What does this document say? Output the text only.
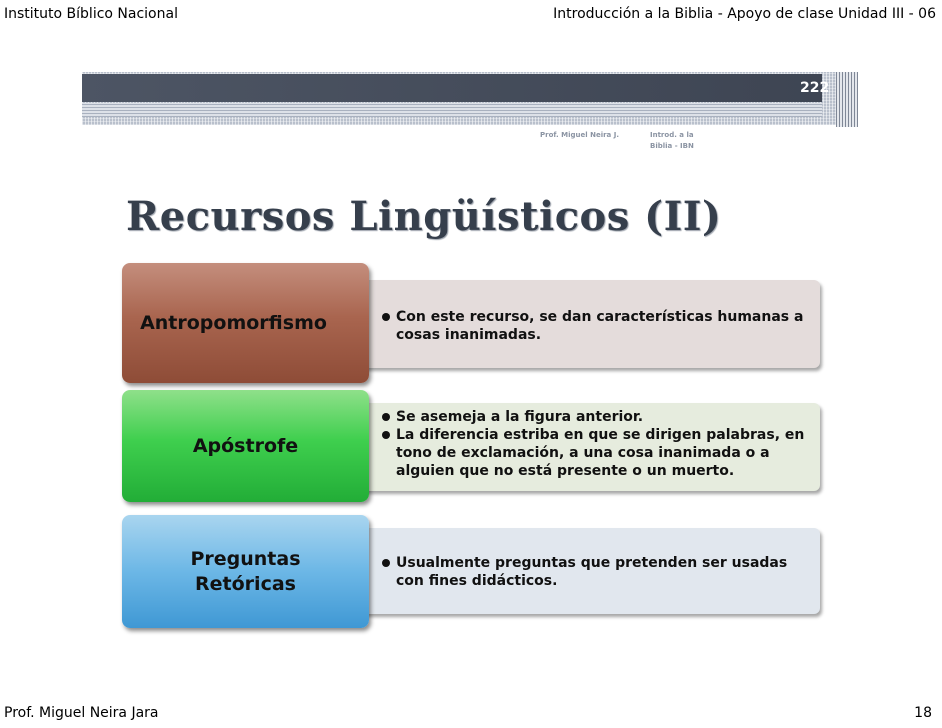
Instituto Bíblico Nacional	Introducción a la Biblia - Apoyo de clase Unidad III - 06
222
Prof. Miguel Neira J.	Introd. a la
Biblia - IBN
Recursos Lingüísticos (II)
Con este recurso, se dan características humanas a cosas inanimadas.
Antropomorfismo
Se asemeja a la figura anterior.
La diferencia estriba en que se dirigen palabras, en tono de exclamación, a una cosa inanimada o a alguien que no está presente o un muerto.
Apóstrofe
Usualmente preguntas que pretenden ser usadas con fines didácticos.
Preguntas
Retóricas
Prof. Miguel Neira Jara	18
